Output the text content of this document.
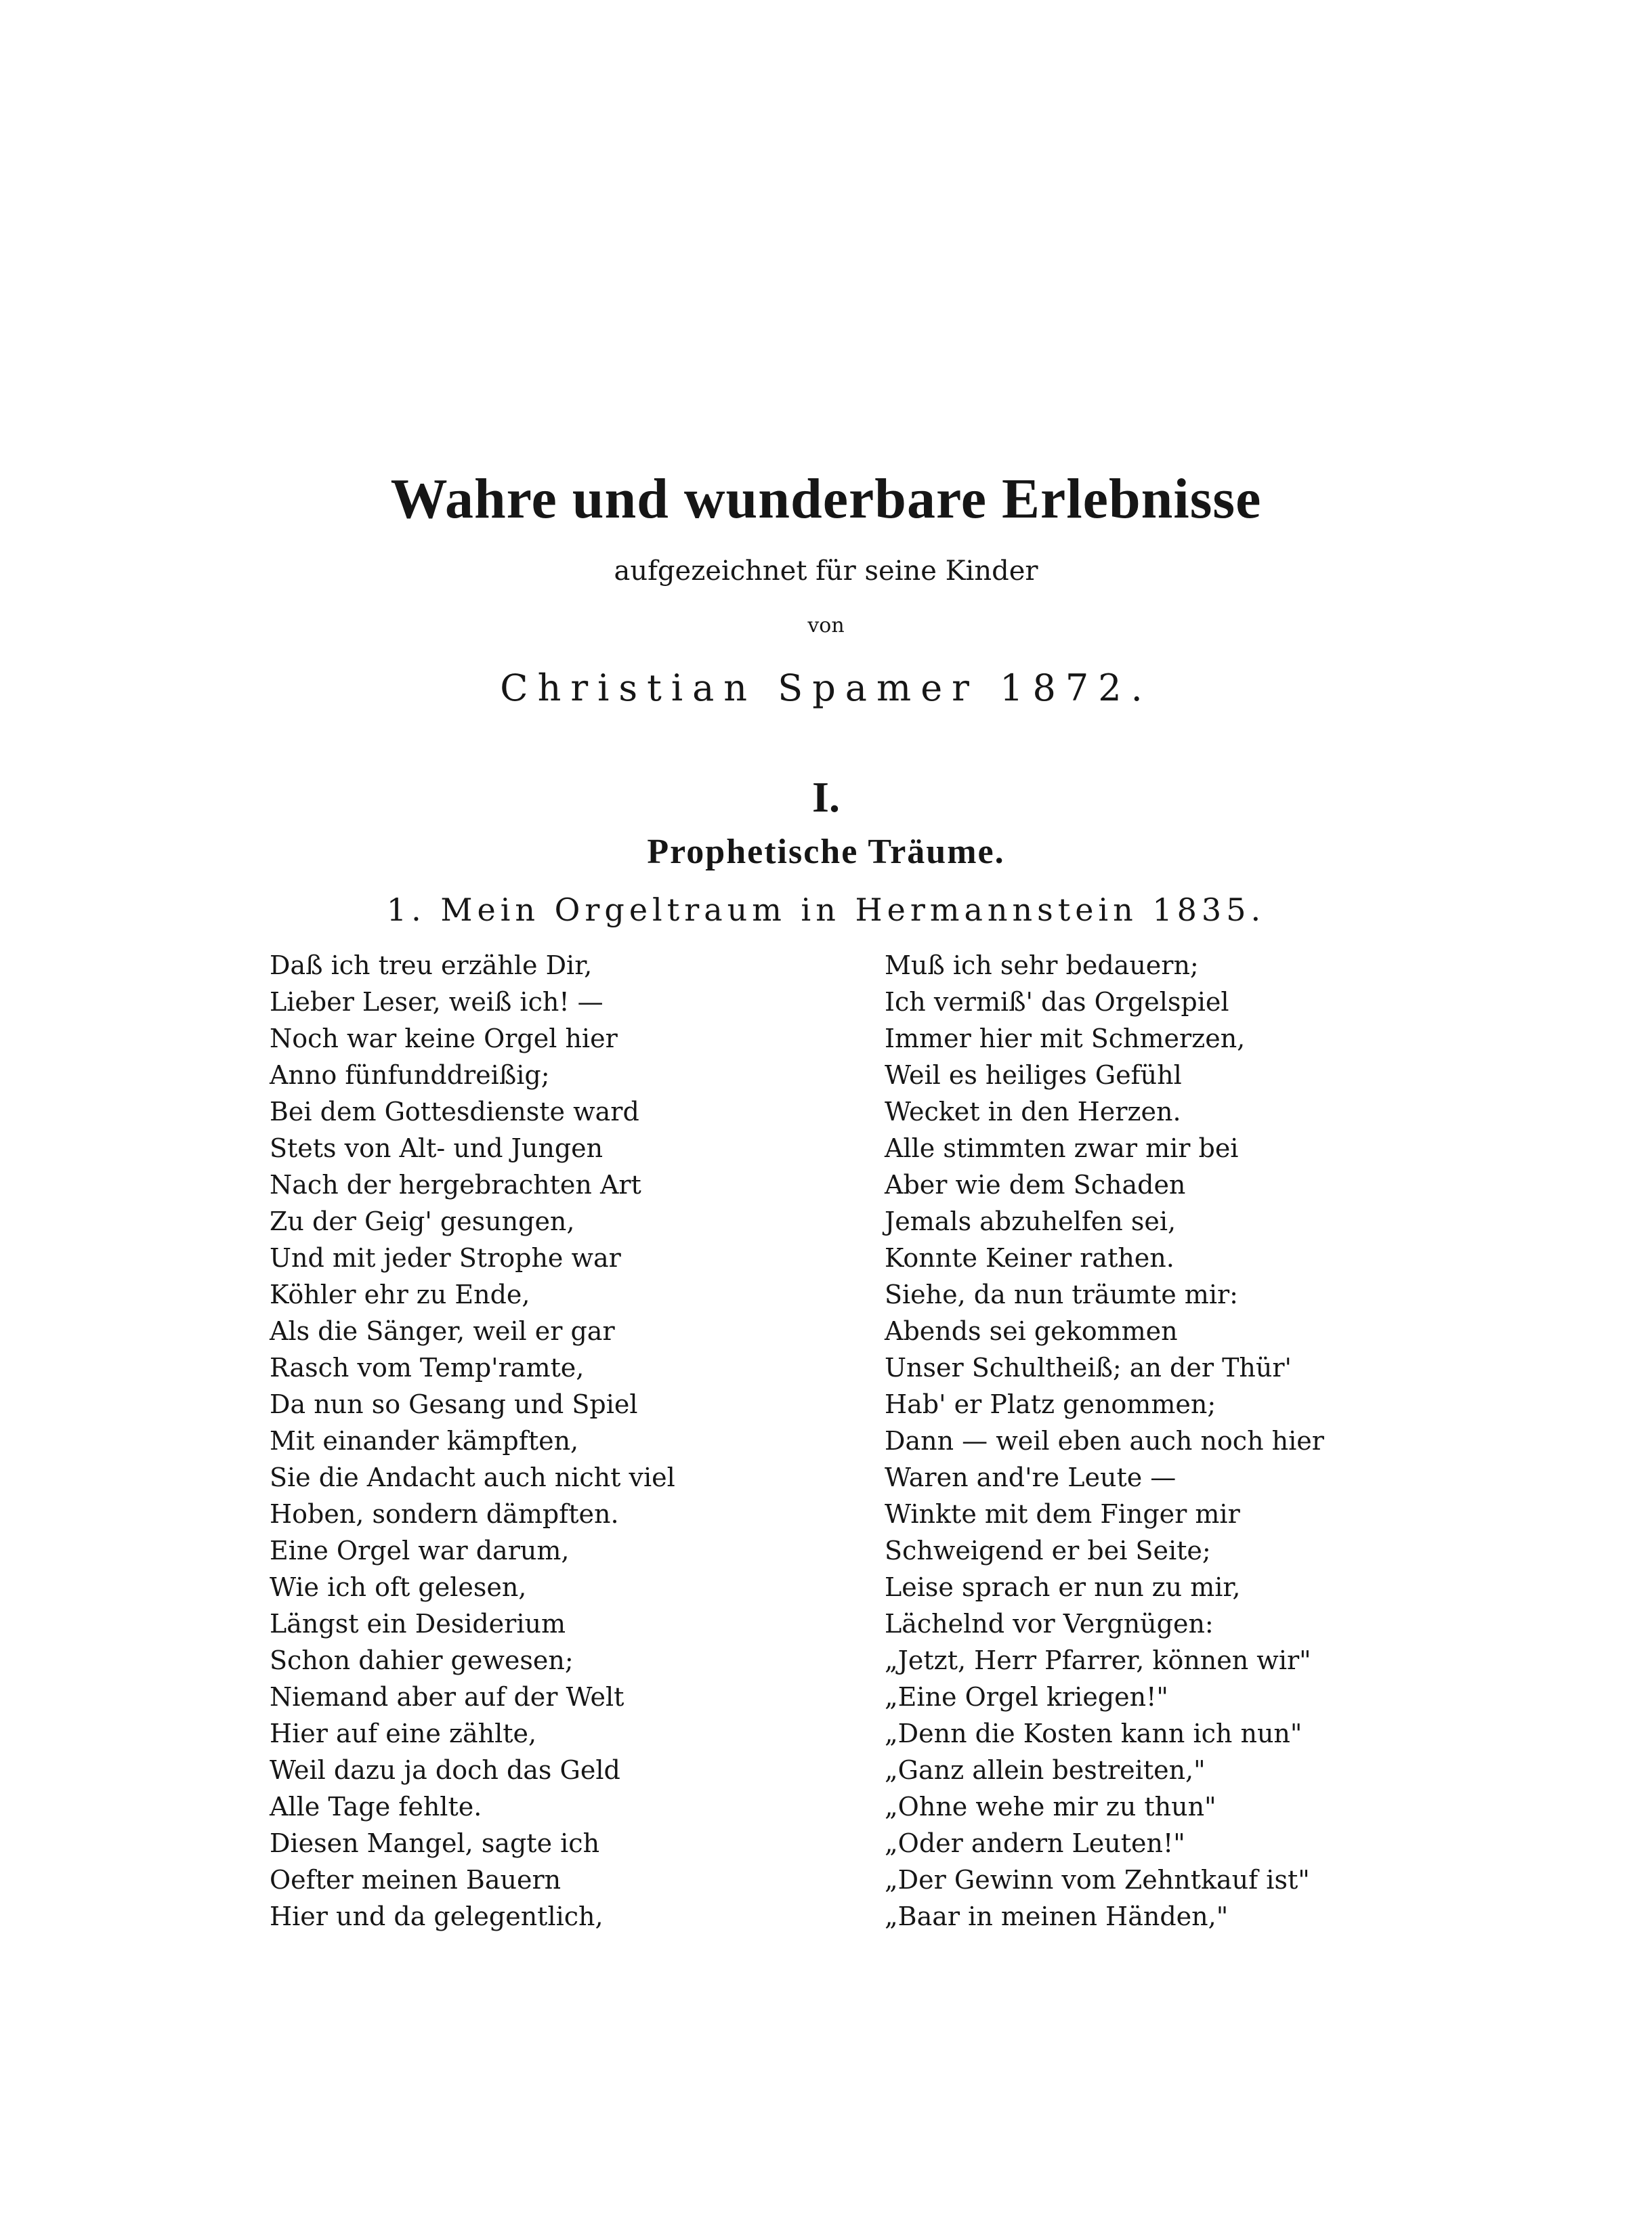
Wahre und wunderbare Erlebnisse
aufgezeichnet für seine Kinder
von
Christian Spamer 1872.
I.
Prophetische Träume.
1. Mein Orgeltraum in Hermannstein 1835.
Daß ich treu erzähle Dir,
Lieber Leser, weiß ich! —
Noch war keine Orgel hier
Anno fünfunddreißig;
Bei dem Gottesdienste ward
Stets von Alt- und Jungen
Nach der hergebrachten Art
Zu der Geig' gesungen,
Und mit jeder Strophe war
Köhler ehr zu Ende,
Als die Sänger, weil er gar
Rasch vom Temp'ramte,
Da nun so Gesang und Spiel
Mit einander kämpften,
Sie die Andacht auch nicht viel
Hoben, sondern dämpften.
Eine Orgel war darum,
Wie ich oft gelesen,
Längst ein Desiderium
Schon dahier gewesen;
Niemand aber auf der Welt
Hier auf eine zählte,
Weil dazu ja doch das Geld
Alle Tage fehlte.
Diesen Mangel, sagte ich
Oefter meinen Bauern
Hier und da gelegentlich,
Muß ich sehr bedauern;
Ich vermiß' das Orgelspiel
Immer hier mit Schmerzen,
Weil es heiliges Gefühl
Wecket in den Herzen.
Alle stimmten zwar mir bei
Aber wie dem Schaden
Jemals abzuhelfen sei,
Konnte Keiner rathen.
Siehe, da nun träumte mir:
Abends sei gekommen
Unser Schultheiß; an der Thür'
Hab' er Platz genommen;
Dann — weil eben auch noch hier
Waren and're Leute —
Winkte mit dem Finger mir
Schweigend er bei Seite;
Leise sprach er nun zu mir,
Lächelnd vor Vergnügen:
„Jetzt, Herr Pfarrer, können wir"
„Eine Orgel kriegen!"
„Denn die Kosten kann ich nun"
„Ganz allein bestreiten,"
„Ohne wehe mir zu thun"
„Oder andern Leuten!"
„Der Gewinn vom Zehntkauf ist"
„Baar in meinen Händen,"
